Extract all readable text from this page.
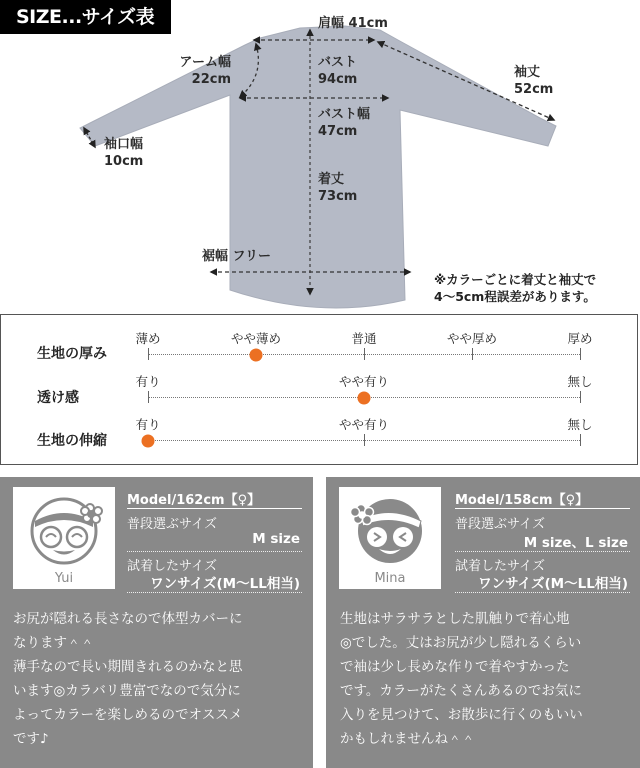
SIZE...サイズ表	肩幅 41cm
アーム幅
22cm
バスト
94cm
バスト幅
47cm
袖丈
52cm
袖口幅
10cm
着丈
73cm
裾幅 フリー
※カラーごとに着丈と袖丈で
4〜5cm程誤差があります。
生地の厚み
薄め	やや薄め	普通	やや厚め	厚め
透け感
有り	やや有り	無し
生地の伸縮
有り	やや有り	無し
Yui
Model/162cm【♀】
普段選ぶサイズ
M size
試着したサイズ
ワンサイズ(M〜LL相当)
お尻が隠れる長さなので体型カバーに
なります＾＾
薄手なので長い期間きれるのかなと思
います◎カラバリ豊富でなので気分に
よってカラーを楽しめるのでオススメ
です♪
Mina
Model/158cm【♀】
普段選ぶサイズ
M size、L size
試着したサイズ
ワンサイズ(M〜LL相当)
生地はサラサラとした肌触りで着心地
◎でした。丈はお尻が少し隠れるくらい
で袖は少し長めな作りで着やすかった
です。カラーがたくさんあるのでお気に
入りを見つけて、お散歩に行くのもいい
かもしれませんね＾＾
